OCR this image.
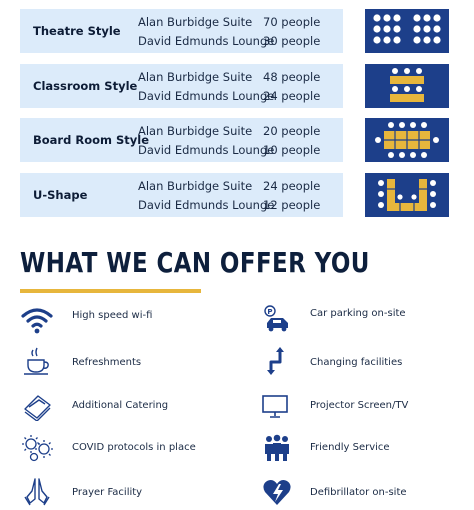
Theatre Style
Alan Burbidge Suite 70 people
David Edmunds Lounge
30 people
Classroom Style
Alan Burbidge Suite 48 people
David Edmunds Lounge
24 people
Board Room Style
Alan Burbidge Suite 20 people
David Edmunds Lounge
10 people
U-Shape
Alan Burbidge Suite 24 people
David Edmunds Lounge
12 people
WHAT WE CAN OFFER YOU
High speed wi-fi
Refreshments
Additional Catering
COVID protocols in place
Prayer Facility
P	Car parking on-site
Changing facilities
Projector Screen/TV
Friendly Service
Defibrillator on-site
